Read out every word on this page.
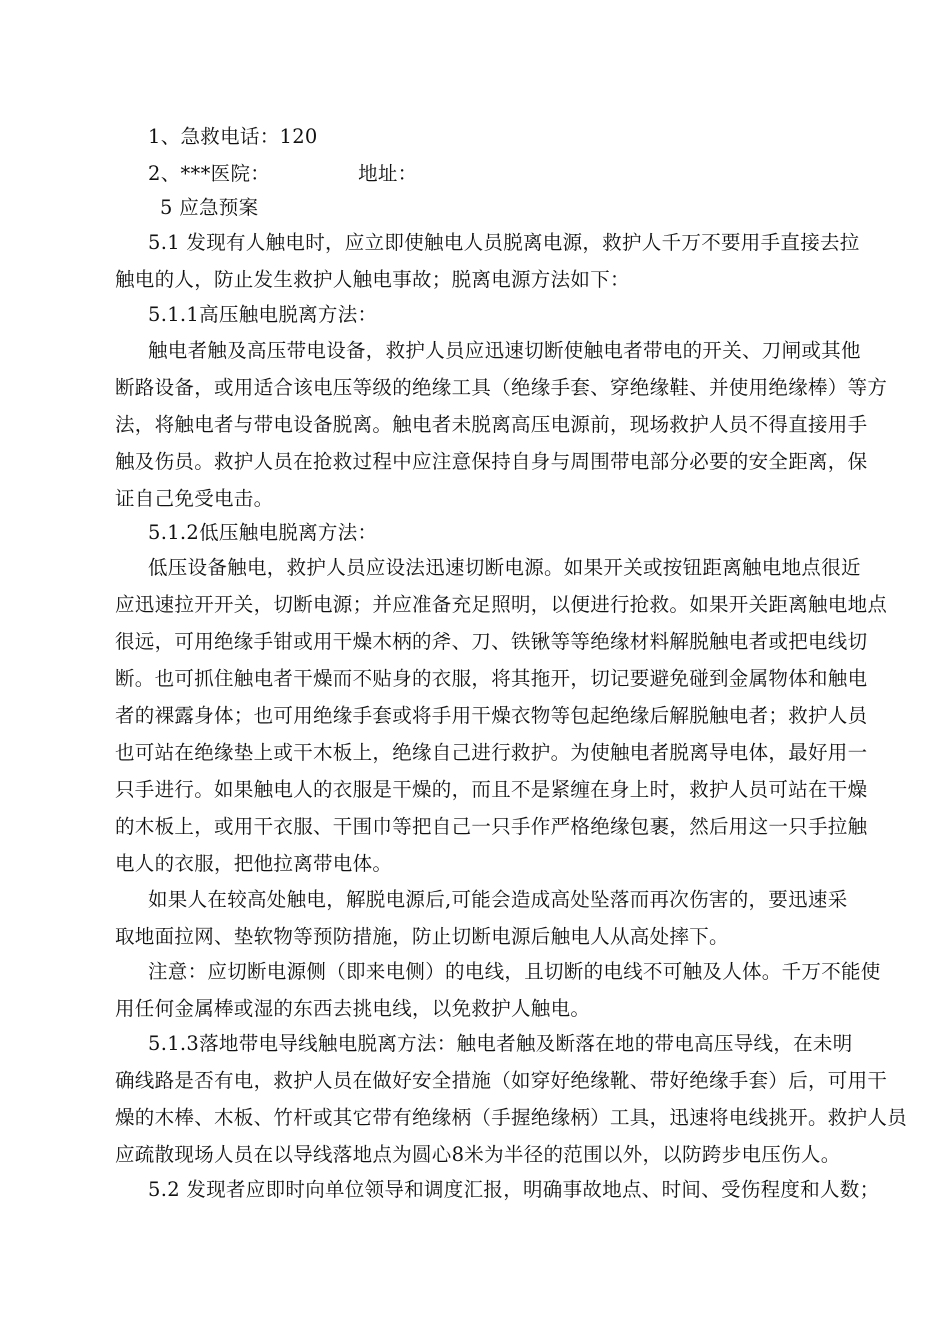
1、急救电话：120
2、***医院：	地址：
5 应急预案
5.1 发现有人触电时，应立即使触电人员脱离电源，救护人千万不要用手直接去拉
触电的人，防止发生救护人触电事故；脱离电源方法如下：
5.1.1高压触电脱离方法：
触电者触及高压带电设备，救护人员应迅速切断使触电者带电的开关、刀闸或其他
断路设备，或用适合该电压等级的绝缘工具（绝缘手套、穿绝缘鞋、并使用绝缘棒）等方
法，将触电者与带电设备脱离。触电者未脱离高压电源前，现场救护人员不得直接用手
触及伤员。救护人员在抢救过程中应注意保持自身与周围带电部分必要的安全距离，保
证自己免受电击。
5.1.2低压触电脱离方法：
低压设备触电，救护人员应设法迅速切断电源。如果开关或按钮距离触电地点很近
应迅速拉开开关，切断电源；并应准备充足照明，以便进行抢救。如果开关距离触电地点
很远，可用绝缘手钳或用干燥木柄的斧、刀、铁锹等等绝缘材料解脱触电者或把电线切
断。也可抓住触电者干燥而不贴身的衣服，将其拖开，切记要避免碰到金属物体和触电
者的裸露身体；也可用绝缘手套或将手用干燥衣物等包起绝缘后解脱触电者；救护人员
也可站在绝缘垫上或干木板上，绝缘自己进行救护。为使触电者脱离导电体，最好用一
只手进行。如果触电人的衣服是干燥的，而且不是紧缠在身上时，救护人员可站在干燥
的木板上，或用干衣服、干围巾等把自己一只手作严格绝缘包裹，然后用这一只手拉触
电人的衣服，把他拉离带电体。
如果人在较高处触电，解脱电源后,可能会造成高处坠落而再次伤害的，要迅速采
取地面拉网、垫软物等预防措施，防止切断电源后触电人从高处摔下。
注意：应切断电源侧（即来电侧）的电线，且切断的电线不可触及人体。千万不能使
用任何金属棒或湿的东西去挑电线，以免救护人触电。
5.1.3落地带电导线触电脱离方法：触电者触及断落在地的带电高压导线，在未明
确线路是否有电，救护人员在做好安全措施（如穿好绝缘靴、带好绝缘手套）后，可用干
燥的木棒、木板、竹杆或其它带有绝缘柄（手握绝缘柄）工具，迅速将电线挑开。救护人员
应疏散现场人员在以导线落地点为圆心8米为半径的范围以外，以防跨步电压伤人。
5.2 发现者应即时向单位领导和调度汇报，明确事故地点、时间、受伤程度和人数；
